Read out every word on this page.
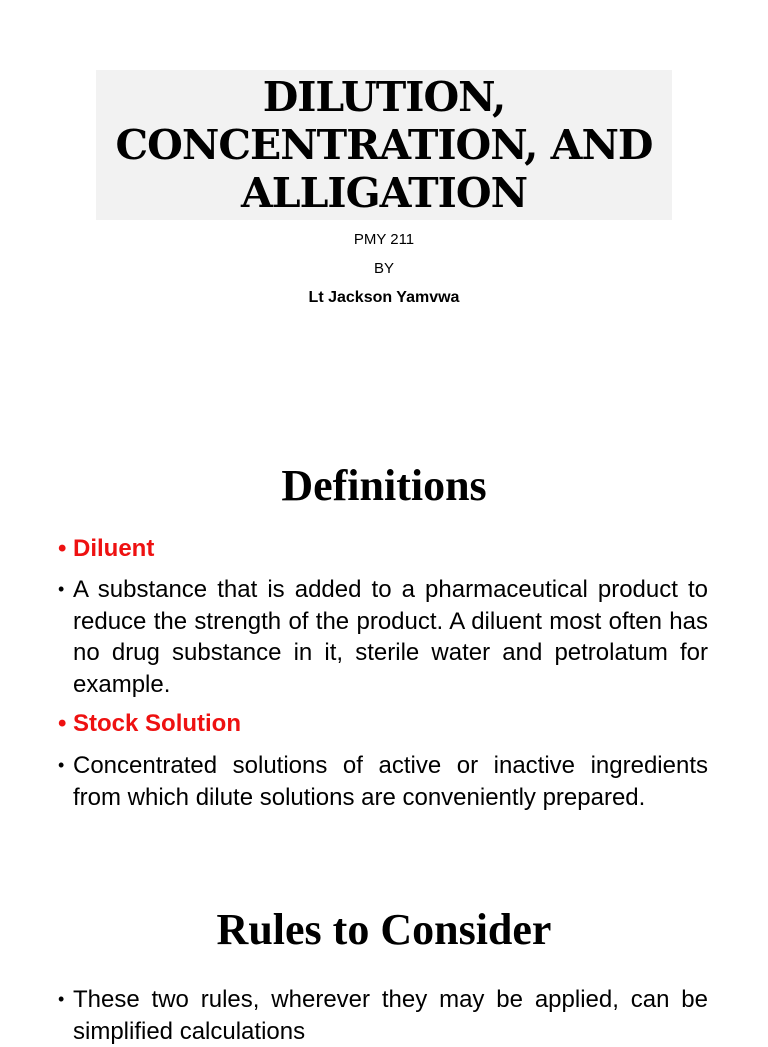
DILUTION,
CONCENTRATION, AND
ALLIGATION
PMY 211
BY
Lt Jackson Yamvwa
Definitions
• Diluent
• A substance that is added to a pharmaceutical product to reduce the strength of the product. A diluent most often has no drug substance in it, sterile water and petrolatum for example.
• Stock Solution
• Concentrated solutions of active or inactive ingredients from which dilute solutions are conveniently prepared.
Rules to Consider
• These two rules, wherever they may be applied, can be simplified calculations
